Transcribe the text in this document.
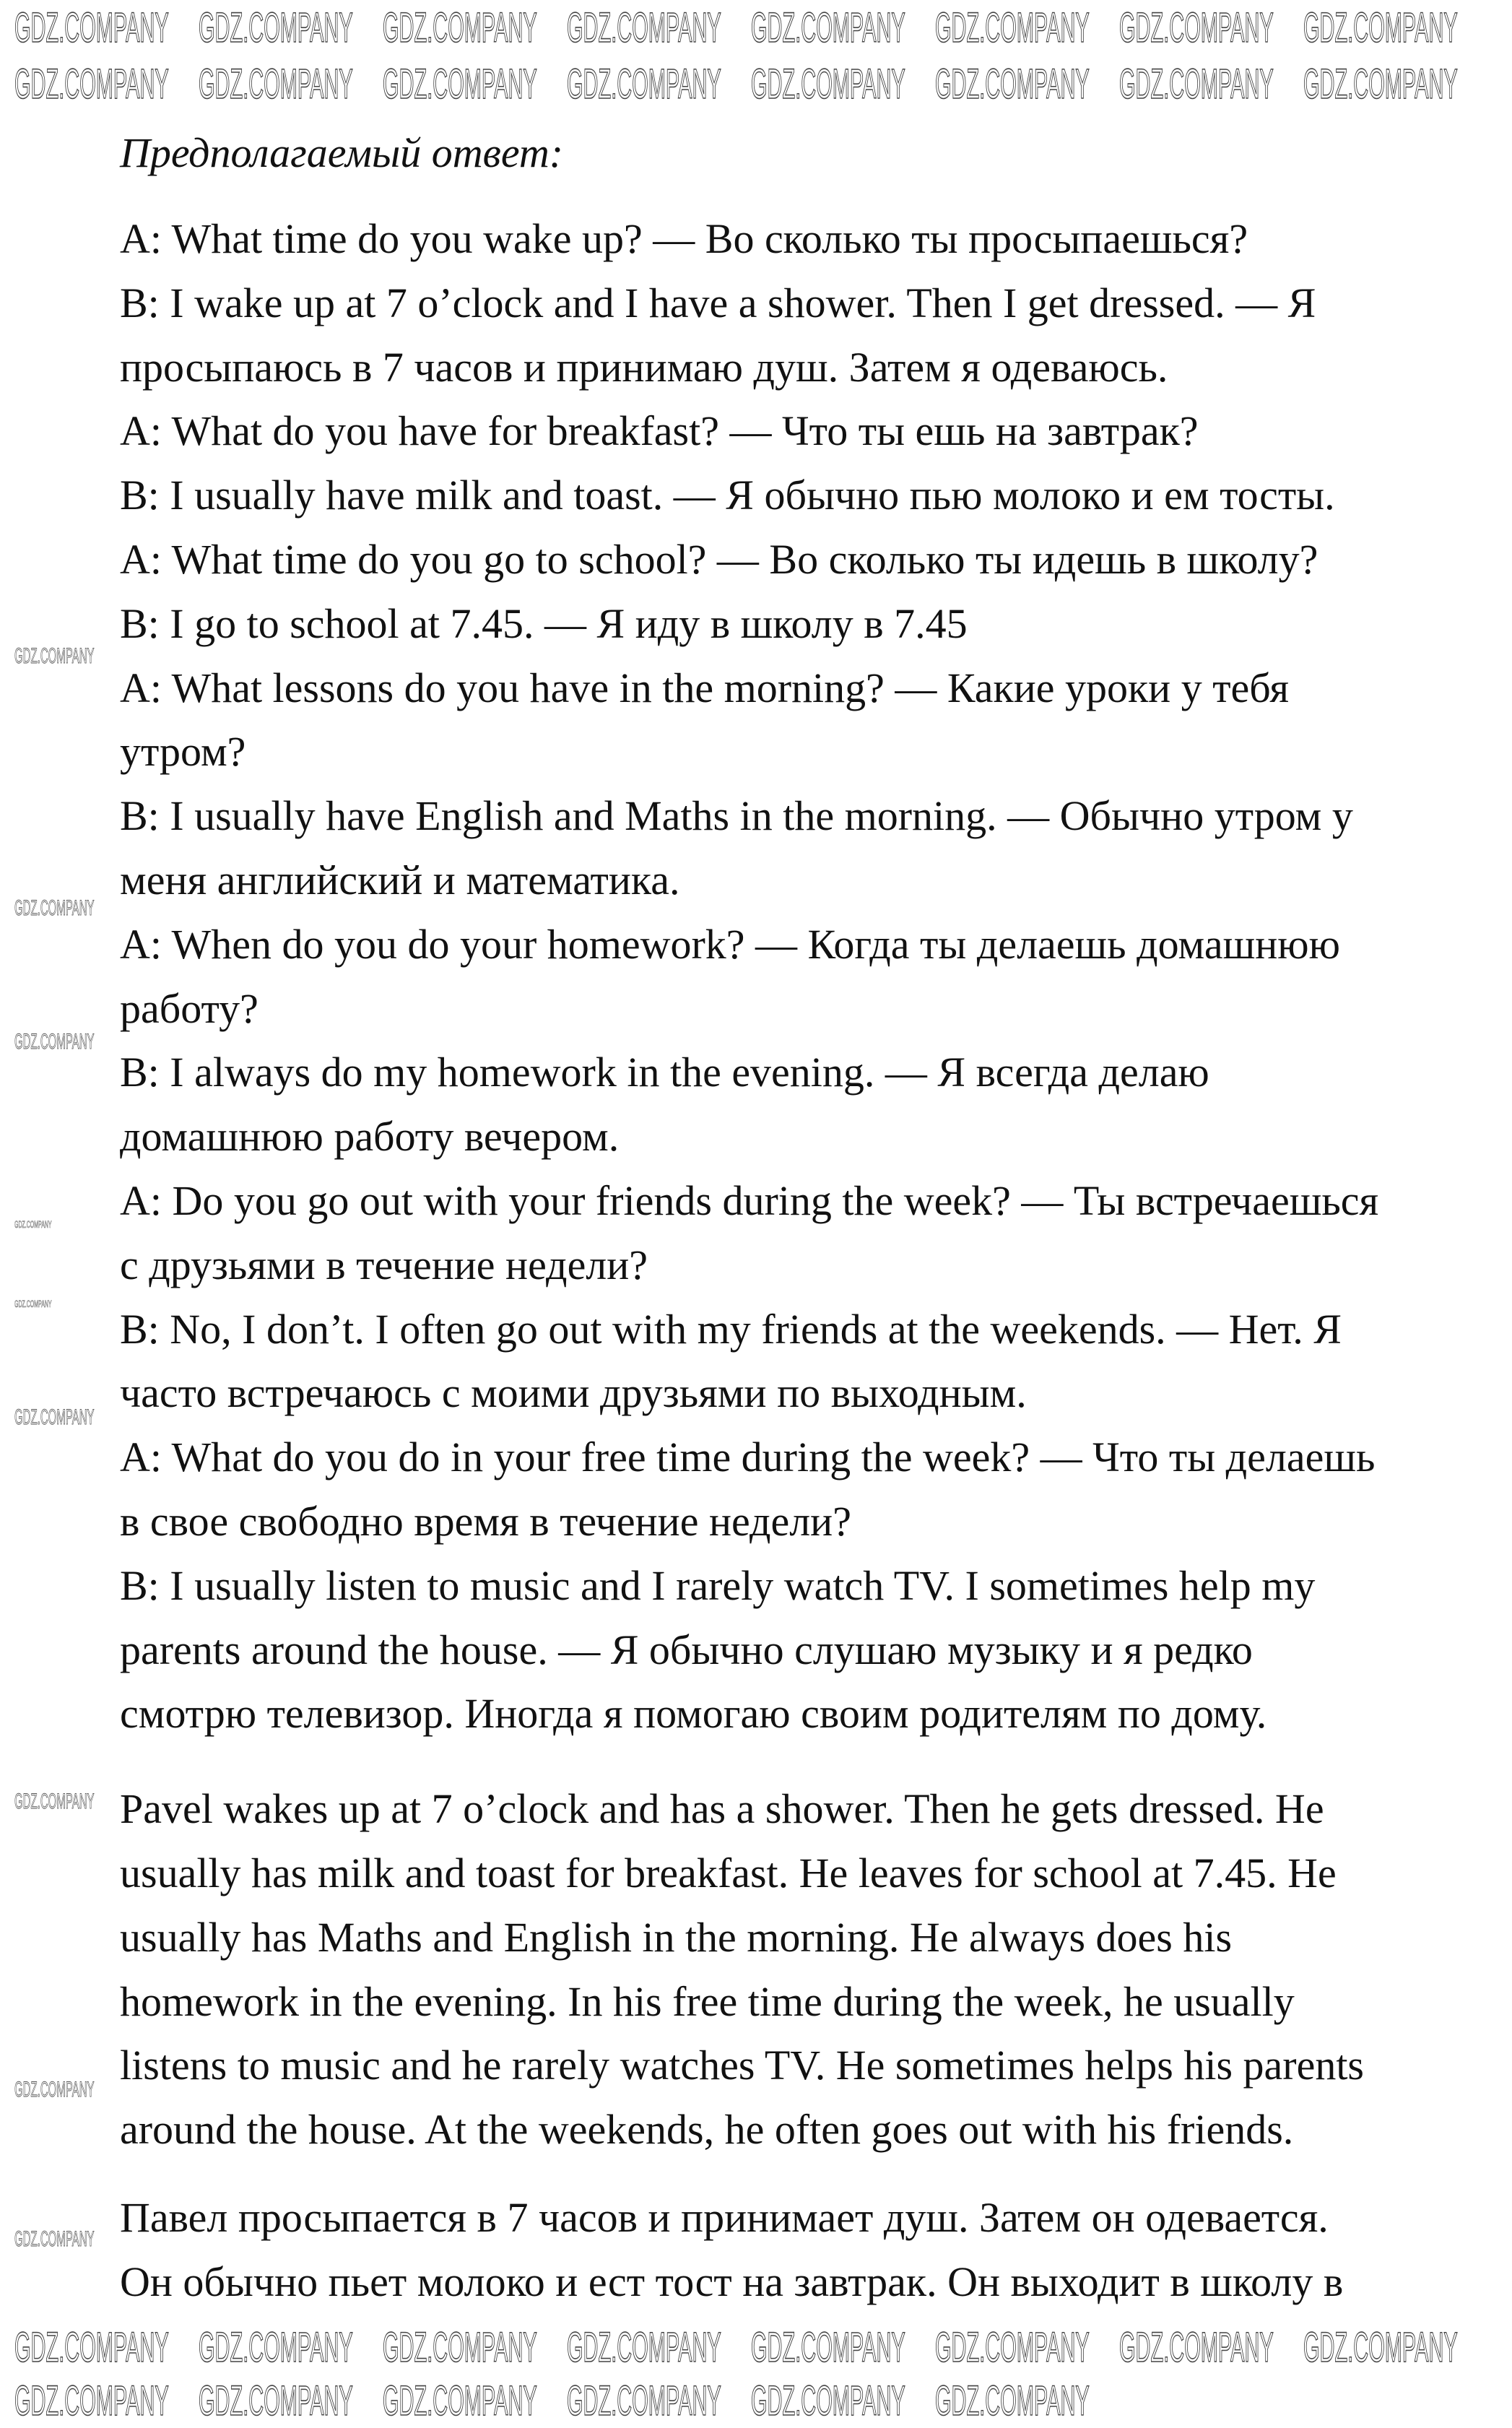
Предполагаемый ответ:
A: What time do you wake up? — Во сколько ты просыпаешься?
B: I wake up at 7 o’clock and I have a shower. Then I get dressed. — Я
просыпаюсь в 7 часов и принимаю душ. Затем я одеваюсь.
A: What do you have for breakfast? — Что ты ешь на завтрак?
B: I usually have milk and toast. — Я обычно пью молоко и ем тосты.
A: What time do you go to school? — Во сколько ты идешь в школу?
B: I go to school at 7.45. — Я иду в школу в 7.45
A: What lessons do you have in the morning? — Какие уроки у тебя
утром?
B: I usually have English and Maths in the morning. — Обычно утром у
меня английский и математика.
A: When do you do your homework? — Когда ты делаешь домашнюю
работу?
B: I always do my homework in the evening. — Я всегда делаю
домашнюю работу вечером.
A: Do you go out with your friends during the week? — Ты встречаешься
с друзьями в течение недели?
B: No, I don’t. I often go out with my friends at the weekends. — Нет. Я
часто встречаюсь с моими друзьями по выходным.
A: What do you do in your free time during the week? — Что ты делаешь
в свое свободно время в течение недели?
B: I usually listen to music and I rarely watch TV. I sometimes help my
parents around the house. — Я обычно слушаю музыку и я редко
смотрю телевизор. Иногда я помогаю своим родителям по дому.
Pavel wakes up at 7 o’clock and has a shower. Then he gets dressed. He
usually has milk and toast for breakfast. He leaves for school at 7.45. He
usually has Maths and English in the morning. He always does his
homework in the evening. In his free time during the week, he usually
listens to music and he rarely watches TV. He sometimes helps his parents
around the house. At the weekends, he often goes out with his friends.
Павел просыпается в 7 часов и принимает душ. Затем он одевается.
Он обычно пьет молоко и ест тост на завтрак. Он выходит в школу в
GDZ.COMPANY GDZ.COMPANY GDZ.COMPANY GDZ.COMPANY GDZ.COMPANY GDZ.COMPANY GDZ.COMPANY GDZ.COMPANY
GDZ.COMPANY GDZ.COMPANY GDZ.COMPANY GDZ.COMPANY GDZ.COMPANY GDZ.COMPANY GDZ.COMPANY GDZ.COMPANY
GDZ.COMPANY GDZ.COMPANY GDZ.COMPANY GDZ.COMPANY GDZ.COMPANY GDZ.COMPANY GDZ.COMPANY GDZ.COMPANY
GDZ.COMPANY GDZ.COMPANY GDZ.COMPANY GDZ.COMPANY GDZ.COMPANY GDZ.COMPANY
GDZ.COMPANY
GDZ.COMPANY
GDZ.COMPANY
GDZ.COMPANY
GDZ.COMPANY
GDZ.COMPANY
GDZ.COMPANY
GDZ.COMPANY
GDZ.COMPANY
